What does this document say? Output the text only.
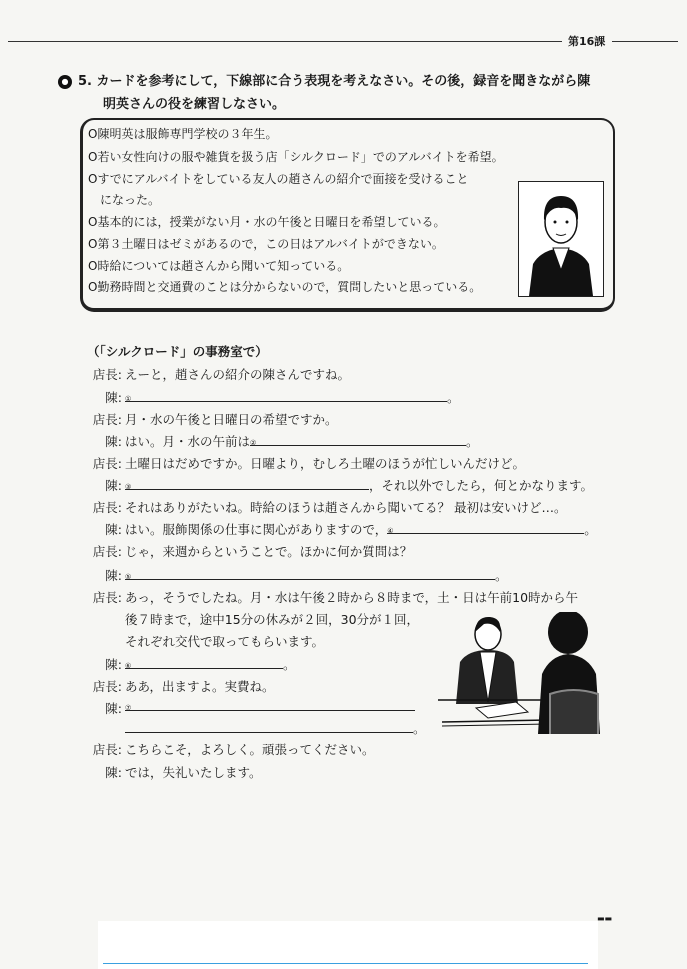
第16課
● 5. カードを参考にして，下線部に合う表現を考えなさい。その後，録音を聞きながら陳
明英さんの役を練習しなさい。
O陳明英は服飾専門学校の３年生。
O若い女性向けの服や雑貨を扱う店「シルクロード」でのアルバイトを希望。
Oすでにアルバイトをしている友人の趙さんの紹介で面接を受けること
　になった。
O基本的には，授業がない月・水の午後と日曜日を希望している。
O第３土曜日はゼミがあるので，この日はアルバイトができない。
O時給については趙さんから聞いて知っている。
O勤務時間と交通費のことは分からないので，質問したいと思っている。
（「シルクロード」の事務室で）
店長: えーと，趙さんの紹介の陳さんですね。
陳: ①	。
店長: 月・水の午後と日曜日の希望ですか。
陳: はい。月・水の午前は ②	。
店長: 土曜日はだめですか。日曜より，むしろ土曜のほうが忙しいんだけど。
陳: ③	，それ以外でしたら，何とかなります。
店長: それはありがたいね。時給のほうは趙さんから聞いてる？ 最初は安いけど…。
陳: はい。服飾関係の仕事に関心がありますので， ④	。
店長: じゃ，来週からということで。ほかに何か質問は？
陳: ⑤	。
店長: あっ，そうでしたね。月・水は午後２時から８時まで，土・日は午前10時から午
後７時まで，途中15分の休みが２回，30分が１回，
それぞれ交代で取ってもらいます。
陳: ⑥	。
店長: ああ，出ますよ。実費ね。
陳: ⑦
。
店長: こちらこそ，よろしく。頑張ってください。
陳: では，失礼いたします。
▬▬
